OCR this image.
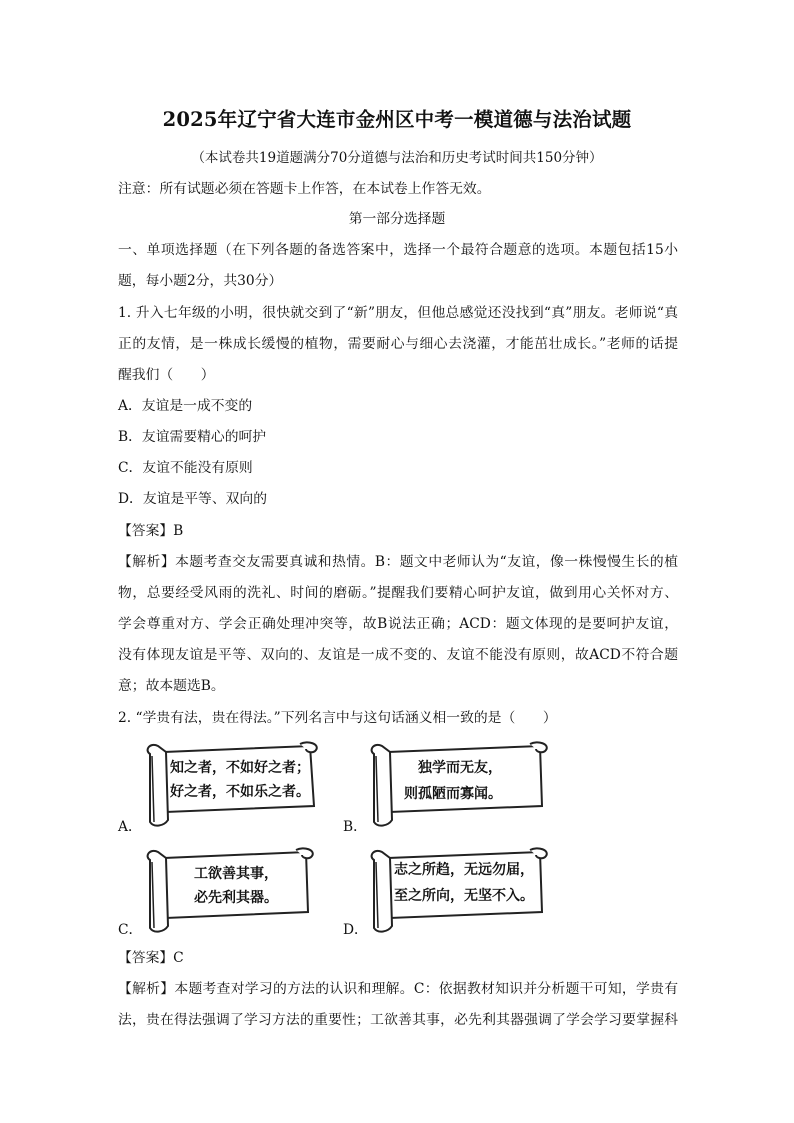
2025年辽宁省大连市金州区中考一模道德与法治试题
（本试卷共19道题满分70分道德与法治和历史考试时间共150分钟）
注意：所有试题必须在答题卡上作答，在本试卷上作答无效。
第一部分选择题
一、单项选择题（在下列各题的备选答案中，选择一个最符合题意的选项。本题包括15小
题，每小题2分，共30分）
1. 升入七年级的小明，很快就交到了“新”朋友，但他总感觉还没找到“真”朋友。老师说“真
正的友情，是一株成长缓慢的植物，需要耐心与细心去浇灌，才能茁壮成长。”老师的话提
醒我们（　　）
A．友谊是一成不变的
B．友谊需要精心的呵护
C．友谊不能没有原则
D．友谊是平等、双向的
【答案】B
【解析】本题考查交友需要真诚和热情。B：题文中老师认为“友谊，像一株慢慢生长的植
物，总要经受风雨的洗礼、时间的磨砺。”提醒我们要精心呵护友谊，做到用心关怀对方、
学会尊重对方、学会正确处理冲突等，故B说法正确；ACD：题文体现的是要呵护友谊，
没有体现友谊是平等、双向的、友谊是一成不变的、友谊不能没有原则，故ACD不符合题
意；故本题选B。
2. “学贵有法，贵在得法。”下列名言中与这句话涵义相一致的是（　　）
知之者，不如好之者；
好之者，不如乐之者。
A．
独学而无友，
则孤陋而寡闻。
B．
工欲善其事，
必先利其器。
C．
志之所趋，无远勿届，
至之所向，无坚不入。
D．
【答案】C
【解析】本题考查对学习的方法的认识和理解。C：依据教材知识并分析题干可知，学贵有
法，贵在得法强调了学习方法的重要性；工欲善其事，必先利其器强调了学会学习要掌握科
